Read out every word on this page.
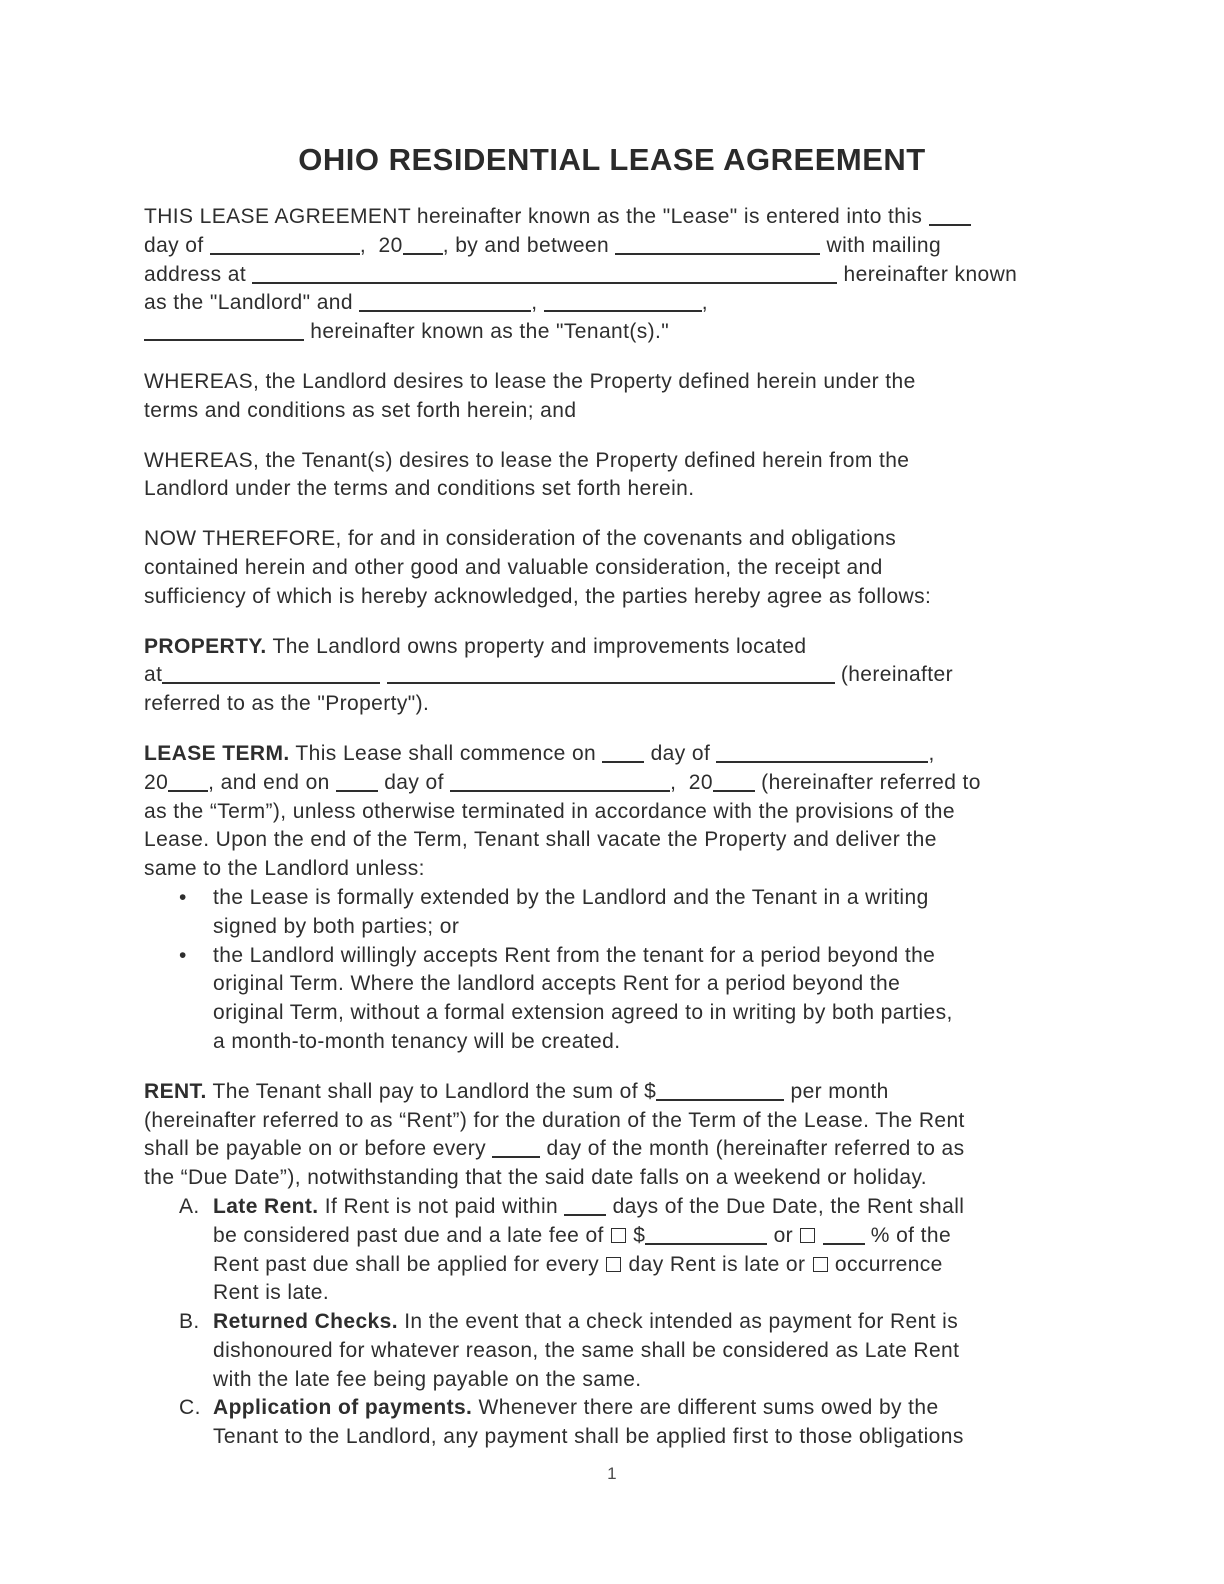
OHIO RESIDENTIAL LEASE AGREEMENT
THIS LEASE AGREEMENT hereinafter known as the "Lease" is entered into this
day of	,  20 , by and between	with mailing
address at	hereinafter known
as the "Landlord" and	,	,
hereinafter known as the "Tenant(s)."
WHEREAS, the Landlord desires to lease the Property defined herein under the
terms and conditions as set forth herein; and
WHEREAS, the Tenant(s) desires to lease the Property defined herein from the
Landlord under the terms and conditions set forth herein.
NOW THEREFORE, for and in consideration of the covenants and obligations
contained herein and other good and valuable consideration, the receipt and
sufficiency of which is hereby acknowledged, the parties hereby agree as follows:
PROPERTY. The Landlord owns property and improvements located
at	(hereinafter
referred to as the "Property").
LEASE TERM. This Lease shall commence on  day of	,
20 , and end on  day of	,  20 (hereinafter referred to
as the “Term”), unless otherwise terminated in accordance with the provisions of the
Lease. Upon the end of the Term, Tenant shall vacate the Property and deliver the
same to the Landlord unless:
• the Lease is formally extended by the Landlord and the Tenant in a writing
signed by both parties; or
• the Landlord willingly accepts Rent from the tenant for a period beyond the
original Term. Where the landlord accepts Rent for a period beyond the
original Term, without a formal extension agreed to in writing by both parties,
a month-to-month tenancy will be created.
RENT. The Tenant shall pay to Landlord the sum of $	per month
(hereinafter referred to as “Rent”) for the duration of the Term of the Lease. The Rent
shall be payable on or before every  day of the month (hereinafter referred to as
the “Due Date”), notwithstanding that the said date falls on a weekend or holiday.
A. Late Rent. If Rent is not paid within  days of the Due Date, the Rent shall
be considered past due and a late fee of  $	or	% of the
Rent past due shall be applied for every  day Rent is late or  occurrence
Rent is late.
B. Returned Checks. In the event that a check intended as payment for Rent is
dishonoured for whatever reason, the same shall be considered as Late Rent
with the late fee being payable on the same.
C. Application of payments. Whenever there are different sums owed by the
Tenant to the Landlord, any payment shall be applied first to those obligations
1
